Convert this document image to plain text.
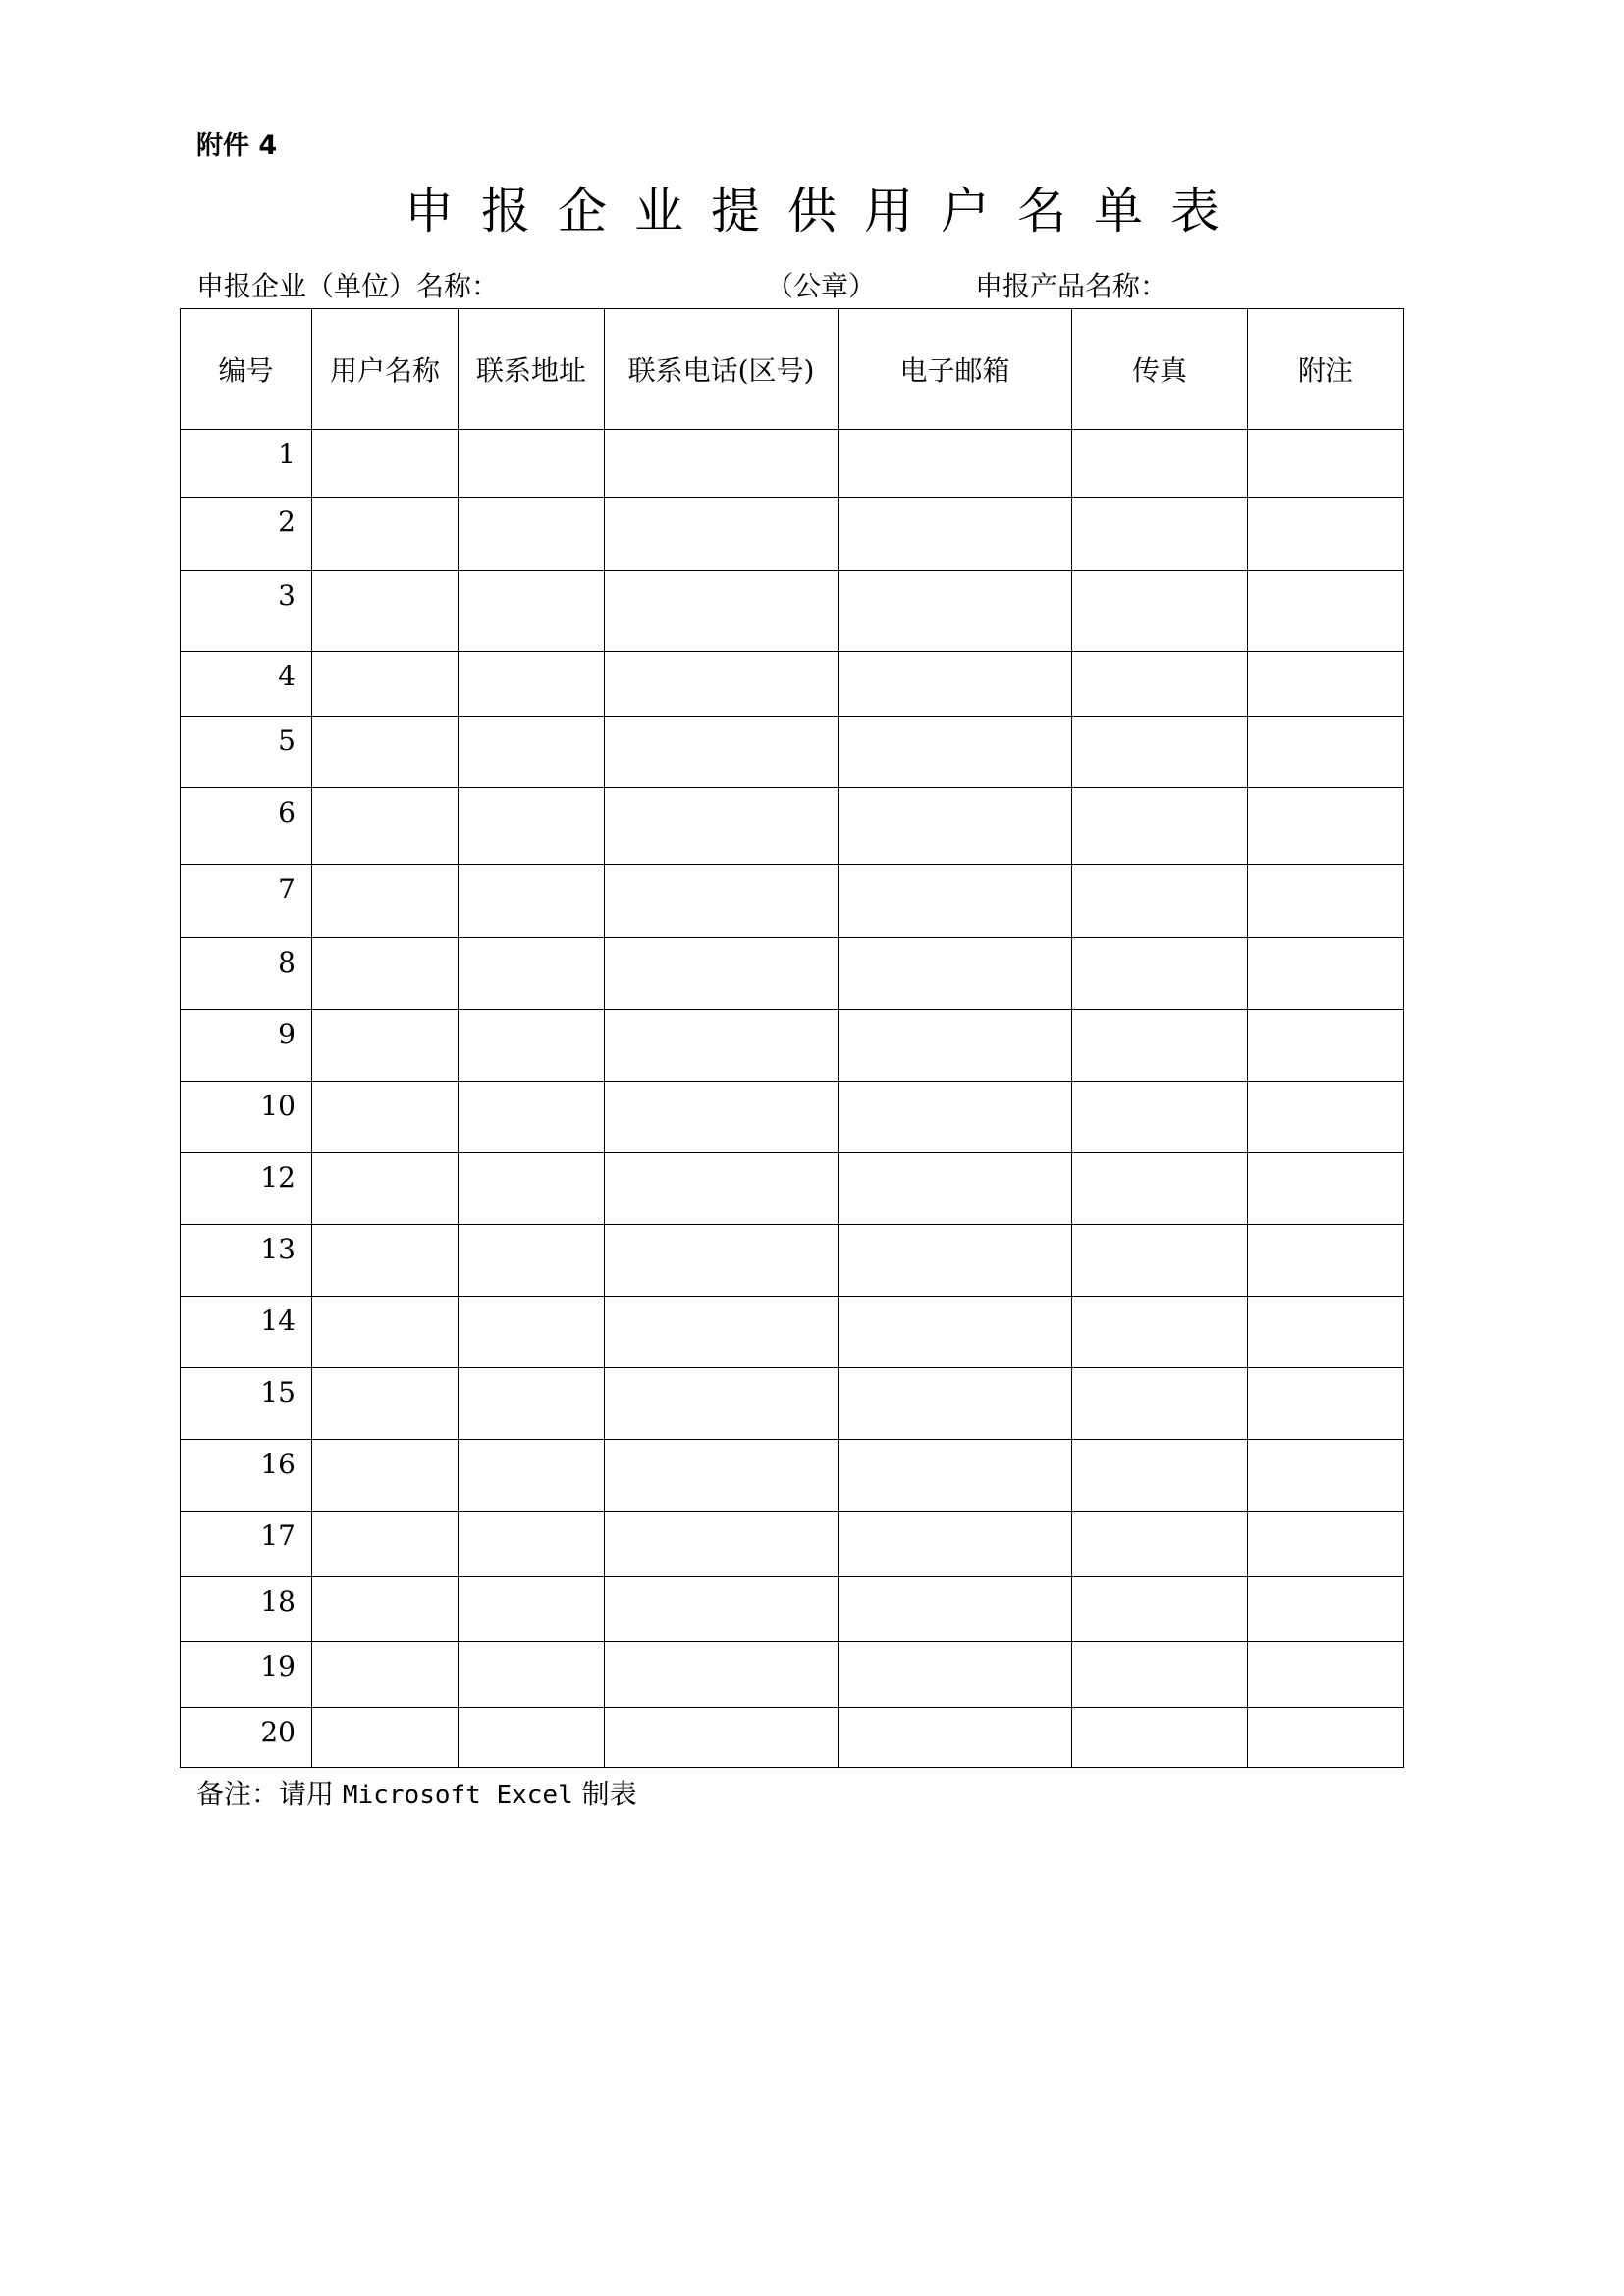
附件 4
申报企业提供用户名单表
申报企业（单位）名称：	（公章）	申报产品名称：
编号	用户名称	联系地址	联系电话(区号)	电子邮箱	传真	附注
1						
2						
3						
4						
5						
6						
7						
8						
9						
10						
12						
13						
14						
15						
16						
17						
18						
19						
20						
备注：请用 Microsoft Excel 制表
